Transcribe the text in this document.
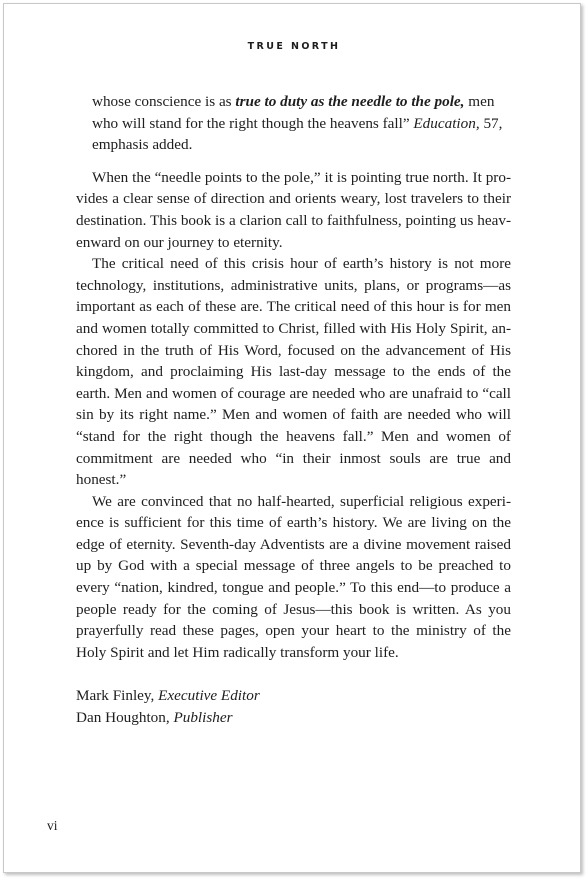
TRUE NORTH

whose conscience is as true to duty as the needle to the pole, men who will stand for the right though the heavens fall” Education, 57, emphasis added.

When the “needle points to the pole,” it is pointing true north. It provides a clear sense of direction and orients weary, lost travelers to their destination. This book is a clarion call to faithfulness, pointing us heavenward on our journey to eternity.

The critical need of this crisis hour of earth’s history is not more technology, institutions, administrative units, plans, or programs—as important as each of these are. The critical need of this hour is for men and women totally committed to Christ, filled with His Holy Spirit, anchored in the truth of His Word, focused on the advancement of His kingdom, and proclaiming His last-day message to the ends of the earth. Men and women of courage are needed who are unafraid to “call sin by its right name.” Men and women of faith are needed who will “stand for the right though the heavens fall.” Men and women of commitment are needed who “in their inmost souls are true and honest.”

We are convinced that no half-hearted, superficial religious experience is sufficient for this time of earth’s history. We are living on the edge of eternity. Seventh-day Adventists are a divine movement raised up by God with a special message of three angels to be preached to every “nation, kindred, tongue and people.” To this end—to produce a people ready for the coming of Jesus—this book is written. As you prayerfully read these pages, open your heart to the ministry of the Holy Spirit and let Him radically transform your life.

Mark Finley, Executive Editor

Dan Houghton, Publisher

vi
